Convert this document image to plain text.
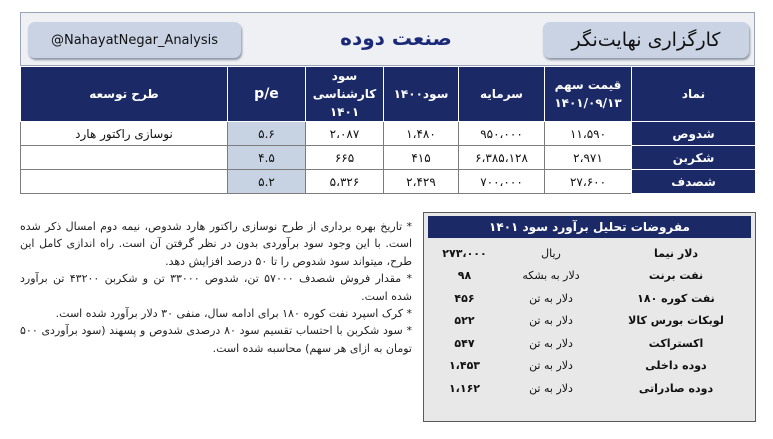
@NahayatNegar_Analysis	صنعت دوده	کارگزاری نهایت‌نگر
نماد	قیمت سهم ۱۴۰۱/۰۹/۱۳	سرمایه	سود۱۴۰۰	سود کارشناسی ۱۴۰۱	p/e	طرح توسعه
شدوص	۱۱،۵۹۰	۹۵۰،۰۰۰	۱،۴۸۰	۲،۰۸۷	۵.۶	نوسازی راکتور هارد
شکربن	۲،۹۷۱	۶،۳۸۵،۱۲۸	۴۱۵	۶۶۵	۴.۵	
شصدف	۲۷،۶۰۰	۷۰۰،۰۰۰	۲،۴۲۹	۵،۳۲۶	۵.۲	

* تاریخ بهره برداری از طرح نوسازی راکتور هارد شدوص، نیمه دوم امسال ذکر شده است. با این وجود سود برآوردی بدون در نظر گرفتن آن است. راه اندازی کامل این طرح، میتواند سود شدوص را تا ۵۰ درصد افزایش دهد.

* مقدار فروش شصدف ۵۷۰۰۰ تن، شدوص ۳۳۰۰۰ تن و شکربن ۴۳۲۰۰ تن برآورد شده است.

* کرک اسپرد نفت کوره ۱۸۰ برای ادامه سال، منفی ۳۰ دلار برآورد شده است.

* سود شکربن با احتساب تقسیم سود ۸۰ درصدی شدوص و پسهند (سود برآوردی ۵۰۰ تومان به ازای هر سهم) محاسبه شده است.

مفروضات تحلیل برآورد سود ۱۴۰۱
دلار نیما	ریال	۲۷۳،۰۰۰
نفت برنت	دلار به بشکه	۹۸
نفت کوره ۱۸۰	دلار به تن	۴۵۶
لوبکات بورس کالا	دلار به تن	۵۲۲
اکستراکت	دلار به تن	۵۴۷
دوده داخلی	دلار به تن	۱،۴۵۳
دوده صادراتی	دلار به تن	۱،۱۶۲
